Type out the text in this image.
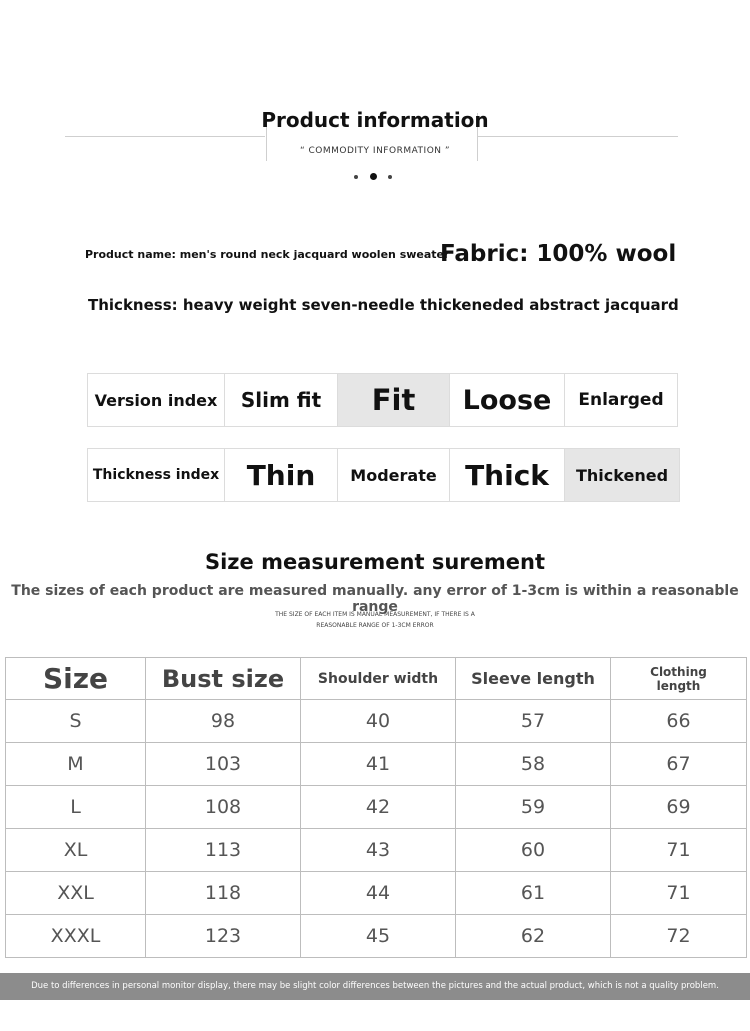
Product information
“ COMMODITY INFORMATION ”
Product name: men's round neck jacquard woolen sweater
Fabric: 100% wool
Thickness: heavy weight seven-needle thickeneded abstract jacquard
Version index	Slim fit	Fit	Loose	Enlarged
Thickness index	Thin	Moderate	Thick	Thickened
Size measurement surement
The sizes of each product are measured manually. any error of 1-3cm is within a reasonable range
THE SIZE OF EACH ITEM IS MANUAL MEASUREMENT, IF THERE IS A
REASONABLE RANGE OF 1-3CM ERROR
Size	Bust size	Shoulder width	Sleeve length	Clothing length
S	98	40	57	66
M	103	41	58	67
L	108	42	59	69
XL	113	43	60	71
XXL	118	44	61	71
XXXL	123	45	62	72
Due to differences in personal monitor display, there may be slight color differences between the pictures and the actual product, which is not a quality problem.
